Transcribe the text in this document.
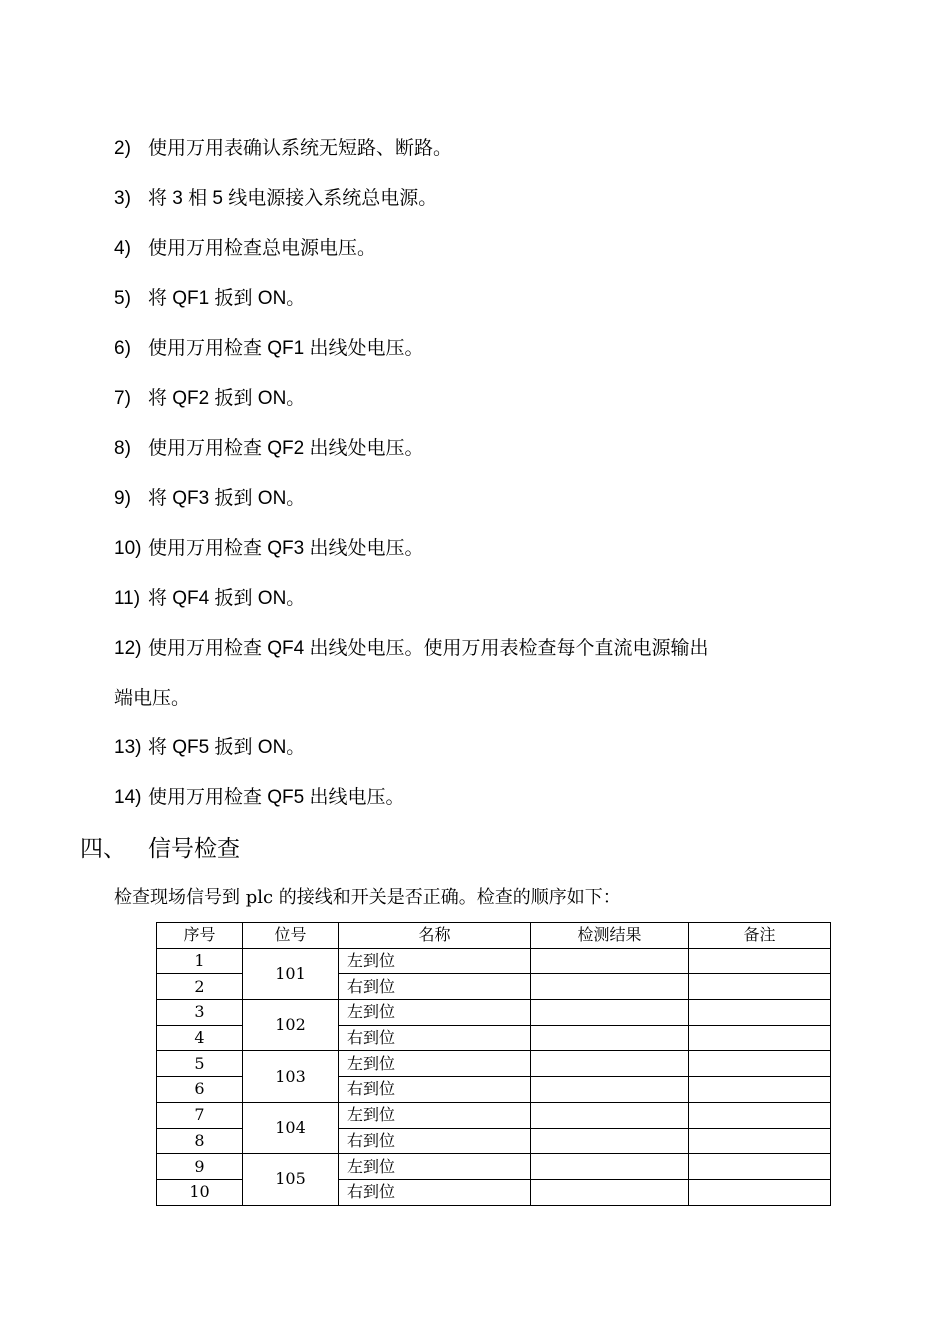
2) 使用万用表确认系统无短路、断路。
3) 将 3 相 5 线电源接入系统总电源。
4) 使用万用检查总电源电压。
5) 将 QF1 扳到 ON。
6) 使用万用检查 QF1 出线处电压。
7) 将 QF2 扳到 ON。
8) 使用万用检查 QF2 出线处电压。
9) 将 QF3 扳到 ON。
10) 使用万用检查 QF3 出线处电压。
11) 将 QF4 扳到 ON。
12) 使用万用检查 QF4 出线处电压。使用万用表检查每个直流电源输出
端电压。
13) 将 QF5 扳到 ON。
14) 使用万用检查 QF5 出线电压。
四、 信号检查
检查现场信号到 plc 的接线和开关是否正确。检查的顺序如下：
序号	位号	名称	检测结果	备注
1	101	左到位		
2		右到位		
3	102	左到位		
4		右到位		
5	103	左到位		
6		右到位		
7	104	左到位		
8		右到位		
9	105	左到位		
10		右到位		
